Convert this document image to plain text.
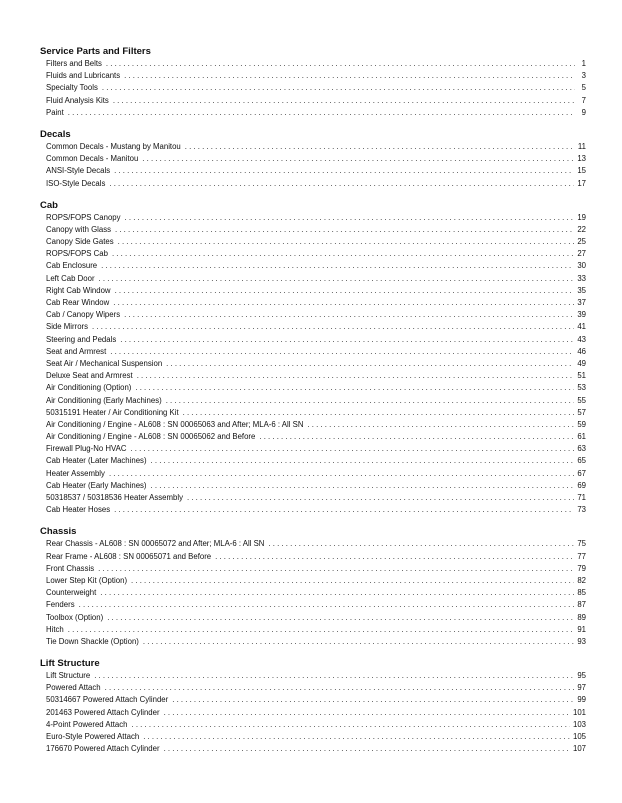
Service Parts and Filters
Filters and Belts . . .	1
Fluids and Lubricants . . .	3
Specialty Tools . . .	5
Fluid Analysis Kits . . .	7
Paint . . .	9
Decals
Common Decals - Mustang by Manitou . . .	11
Common Decals - Manitou . . .	13
ANSI-Style Decals . . .	15
ISO-Style Decals . . .	17
Cab
ROPS/FOPS Canopy . . .	19
Canopy with Glass . . .	22
Canopy Side Gates . . .	25
ROPS/FOPS Cab . . .	27
Cab Enclosure . . .	30
Left Cab Door . . .	33
Right Cab Window . . .	35
Cab Rear Window . . .	37
Cab / Canopy Wipers . . .	39
Side Mirrors . . .	41
Steering and Pedals . . .	43
Seat and Armrest . . .	46
Seat Air / Mechanical Suspension . . .	49
Deluxe Seat and Armrest . . .	51
Air Conditioning (Option) . . .	53
Air Conditioning (Early Machines) . . .	55
50315191 Heater / Air Conditioning Kit . . .	57
Air Conditioning / Engine - AL608 : SN 00065063 and After; MLA-6 : All SN . . .	59
Air Conditioning / Engine - AL608 : SN 00065062 and Before . . .	61
Firewall Plug-No HVAC . . .	63
Cab Heater (Later Machines) . . .	65
Heater Assembly . . .	67
Cab Heater (Early Machines) . . .	69
50318537 / 50318536 Heater Assembly . . .	71
Cab Heater Hoses . . .	73
Chassis
Rear Chassis - AL608 : SN 00065072 and After; MLA-6 : All SN . . .	75
Rear Frame - AL608 : SN 00065071 and Before . . .	77
Front Chassis . . .	79
Lower Step Kit (Option) . . .	82
Counterweight . . .	85
Fenders . . .	87
Toolbox (Option) . . .	89
Hitch . . .	91
Tie Down Shackle (Option) . . .	93
Lift Structure
Lift Structure . . .	95
Powered Attach . . .	97
50314667 Powered Attach Cylinder . . .	99
201463 Powered Attach Cylinder . . .	101
4-Point Powered Attach . . .	103
Euro-Style Powered Attach . . .	105
176670 Powered Attach Cylinder . . .	107
